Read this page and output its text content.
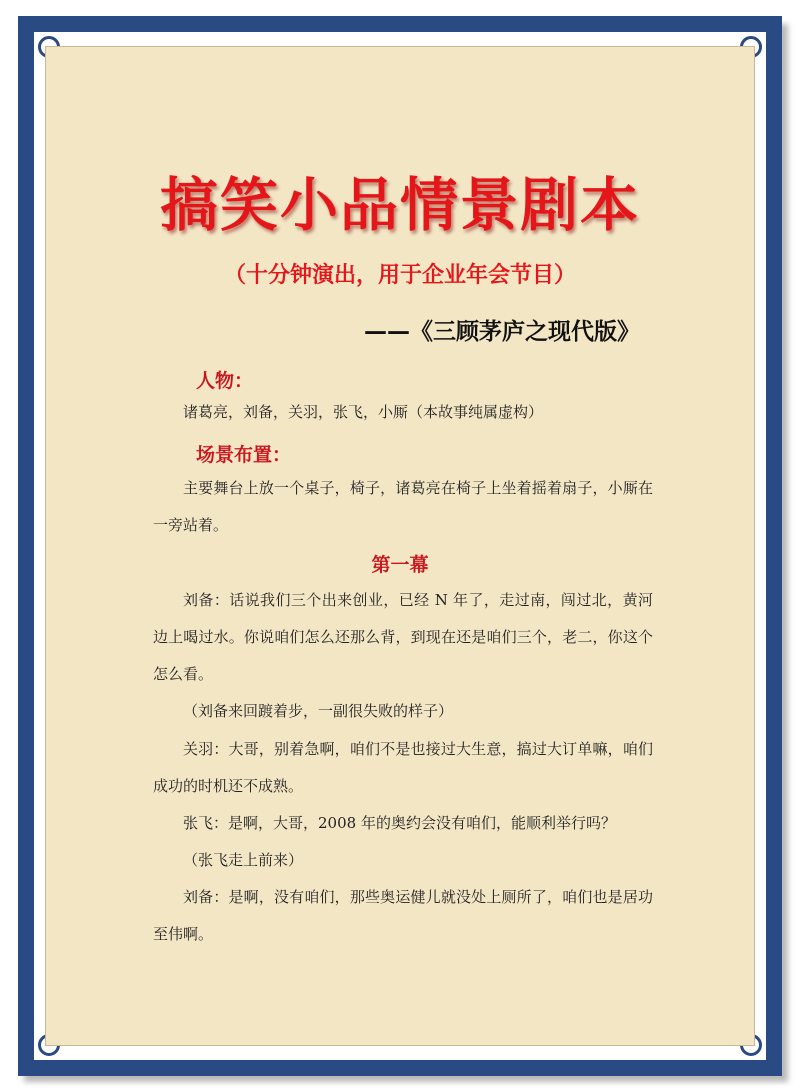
搞笑小品情景剧本
（十分钟演出，用于企业年会节目）
——《三顾茅庐之现代版》
人物：
诸葛亮，刘备，关羽，张飞，小厮（本故事纯属虚构）
场景布置：
主要舞台上放一个桌子，椅子，诸葛亮在椅子上坐着摇着扇子，小厮在一旁站着。
第一幕
刘备：话说我们三个出来创业，已经 N 年了，走过南，闯过北，黄河边上喝过水。你说咱们怎么还那么背，到现在还是咱们三个，老二，你这个怎么看。
（刘备来回踱着步，一副很失败的样子）
关羽：大哥，别着急啊，咱们不是也接过大生意，搞过大订单嘛，咱们成功的时机还不成熟。
张飞：是啊，大哥，2008 年的奥约会没有咱们，能顺利举行吗？
（张飞走上前来）
刘备：是啊，没有咱们，那些奥运健儿就没处上厕所了，咱们也是居功至伟啊。
